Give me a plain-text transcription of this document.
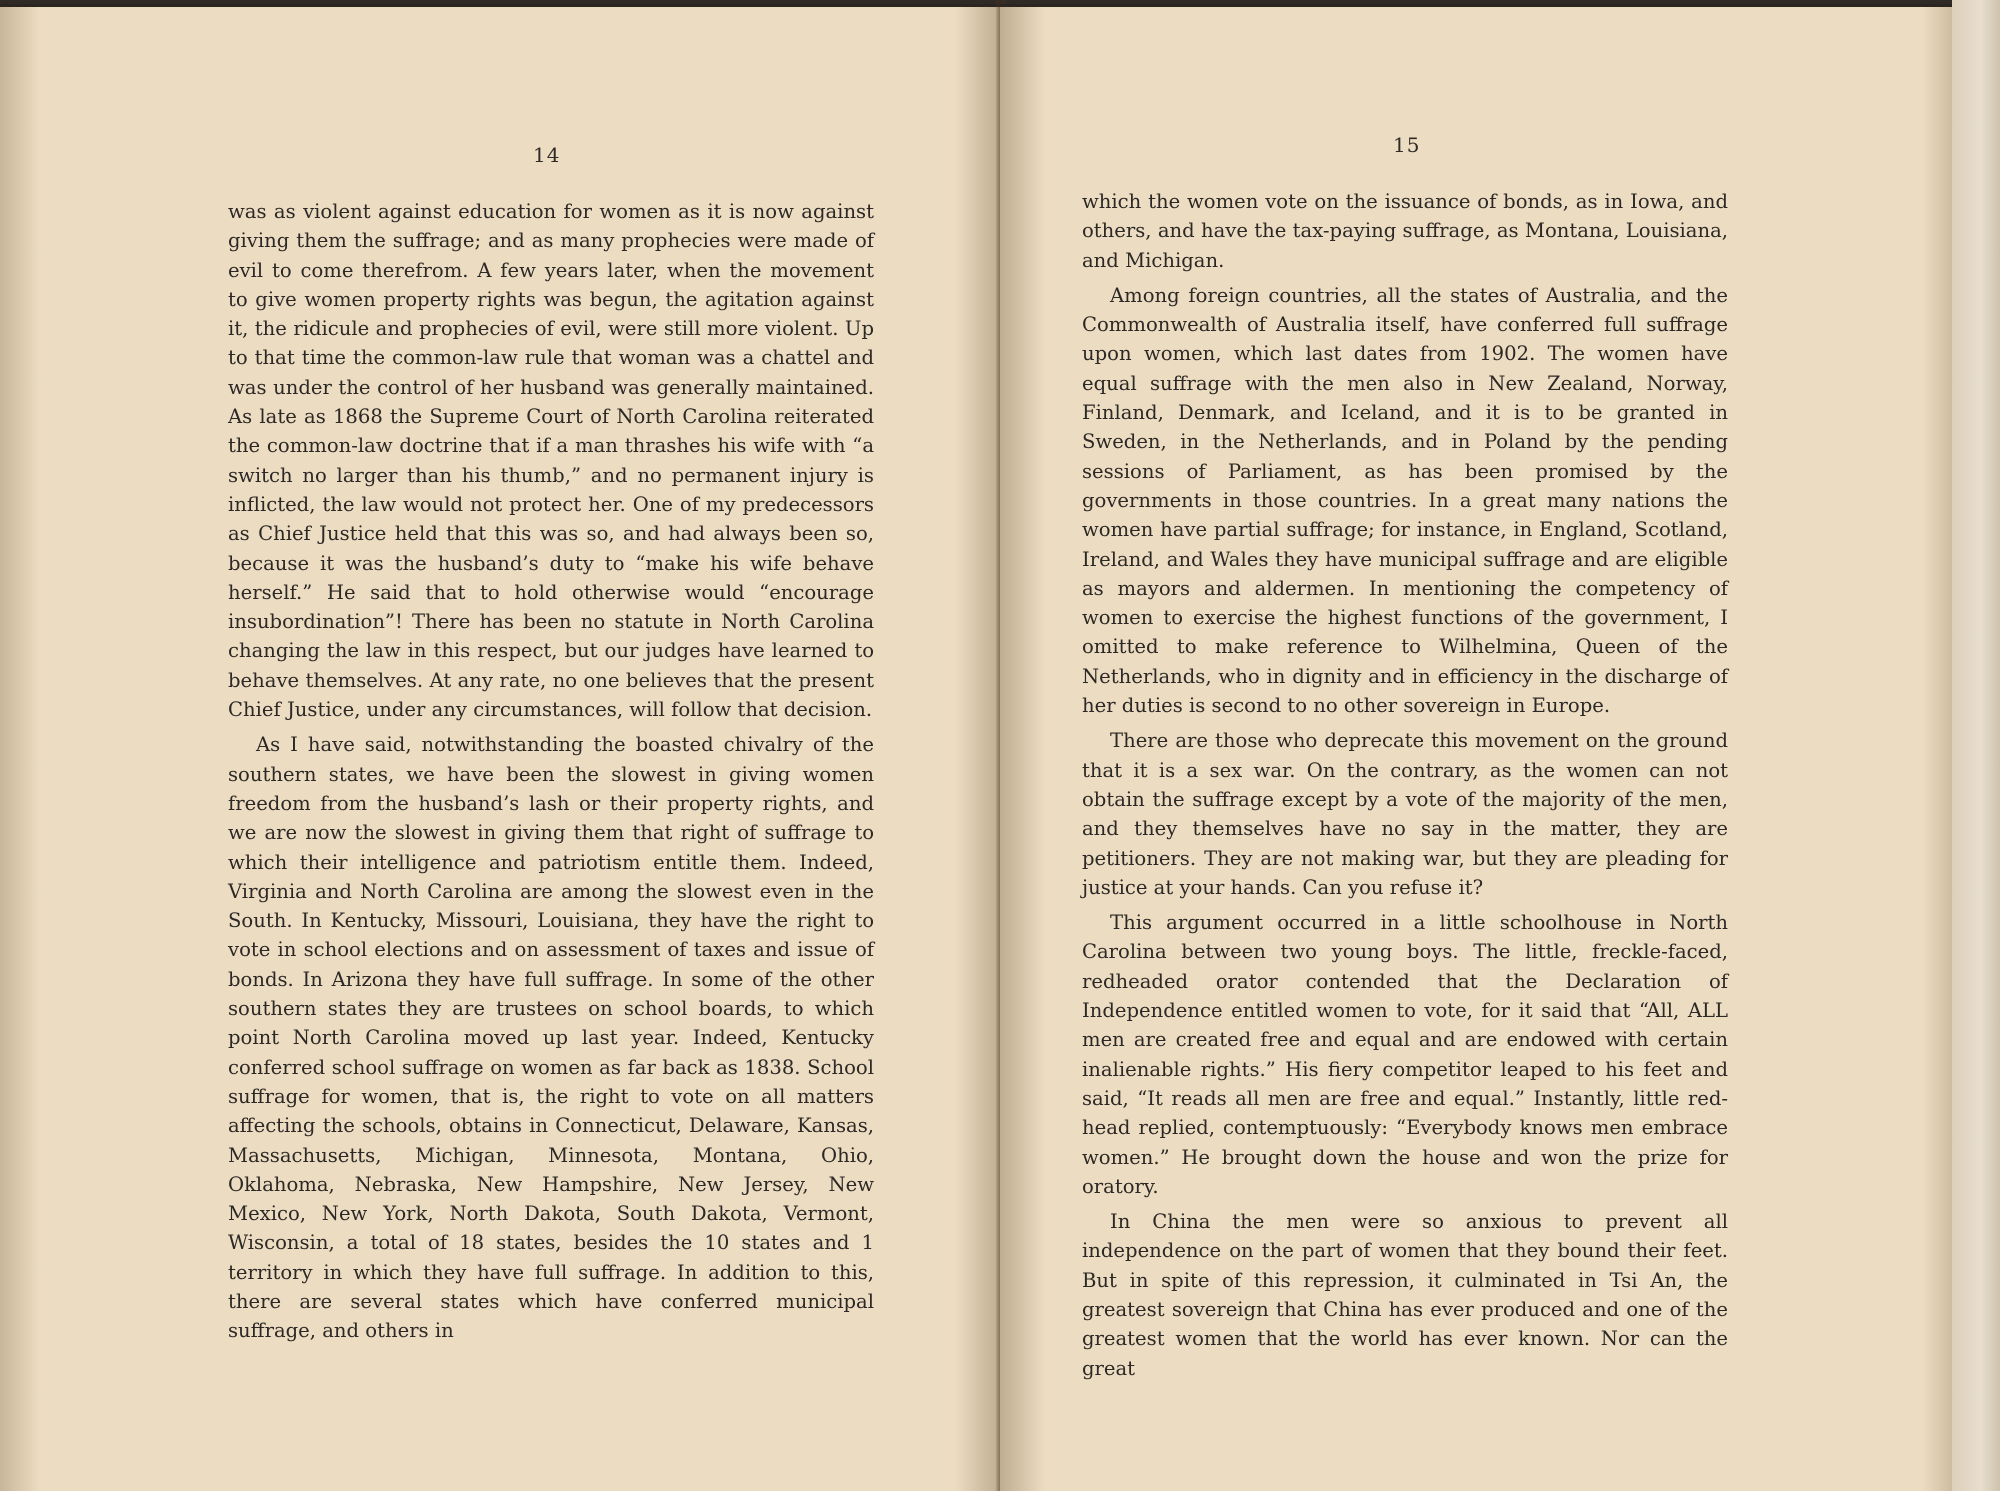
14

was as violent against education for women as it is now against giving them the suffrage; and as many prophecies were made of evil to come therefrom. A few years later, when the movement to give women property rights was begun, the agitation against it, the ridicule and prophecies of evil, were still more violent. Up to that time the common-law rule that woman was a chattel and was under the control of her husband was generally maintained. As late as 1868 the Supreme Court of North Carolina reiterated the common-law doctrine that if a man thrashes his wife with “a switch no larger than his thumb,” and no permanent injury is inflicted, the law would not protect her. One of my predecessors as Chief Justice held that this was so, and had always been so, because it was the husband’s duty to “make his wife behave herself.” He said that to hold otherwise would “encourage insubordination”! There has been no statute in North Carolina changing the law in this respect, but our judges have learned to behave themselves. At any rate, no one believes that the present Chief Justice, under any circumstances, will follow that decision.

As I have said, notwithstanding the boasted chivalry of the southern states, we have been the slowest in giving women freedom from the husband’s lash or their property rights, and we are now the slowest in giving them that right of suffrage to which their intelligence and patriotism entitle them. Indeed, Virginia and North Carolina are among the slowest even in the South. In Kentucky, Missouri, Louisiana, they have the right to vote in school elections and on assessment of taxes and issue of bonds. In Arizona they have full suffrage. In some of the other southern states they are trustees on school boards, to which point North Carolina moved up last year. Indeed, Kentucky conferred school suffrage on women as far back as 1838. School suffrage for women, that is, the right to vote on all matters affecting the schools, obtains in Connecticut, Delaware, Kansas, Massachusetts, Michigan, Minnesota, Montana, Ohio, Oklahoma, Nebraska, New Hampshire, New Jersey, New Mexico, New York, North Dakota, South Dakota, Vermont, Wisconsin, a total of 18 states, besides the 10 states and 1 territory in which they have full suffrage. In addition to this, there are several states which have conferred municipal suffrage, and others in

15

which the women vote on the issuance of bonds, as in Iowa, and others, and have the tax-paying suffrage, as Montana, Louisiana, and Michigan.

Among foreign countries, all the states of Australia, and the Commonwealth of Australia itself, have conferred full suffrage upon women, which last dates from 1902. The women have equal suffrage with the men also in New Zealand, Norway, Finland, Denmark, and Iceland, and it is to be granted in Sweden, in the Netherlands, and in Poland by the pending sessions of Parliament, as has been promised by the governments in those countries. In a great many nations the women have partial suffrage; for instance, in England, Scotland, Ireland, and Wales they have municipal suffrage and are eligible as mayors and aldermen. In mentioning the competency of women to exercise the highest functions of the government, I omitted to make reference to Wilhelmina, Queen of the Netherlands, who in dignity and in efficiency in the discharge of her duties is second to no other sovereign in Europe.

There are those who deprecate this movement on the ground that it is a sex war. On the contrary, as the women can not obtain the suffrage except by a vote of the majority of the men, and they themselves have no say in the matter, they are petitioners. They are not making war, but they are pleading for justice at your hands. Can you refuse it?

This argument occurred in a little schoolhouse in North Carolina between two young boys. The little, freckle-faced, redheaded orator contended that the Declaration of Independence entitled women to vote, for it said that “All, ALL men are created free and equal and are endowed with certain inalienable rights.” His fiery competitor leaped to his feet and said, “It reads all men are free and equal.” Instantly, little red-head replied, contemptuously: “Everybody knows men embrace women.” He brought down the house and won the prize for oratory.

In China the men were so anxious to prevent all independence on the part of women that they bound their feet. But in spite of this repression, it culminated in Tsi An, the greatest sovereign that China has ever produced and one of the greatest women that the world has ever known. Nor can the great
